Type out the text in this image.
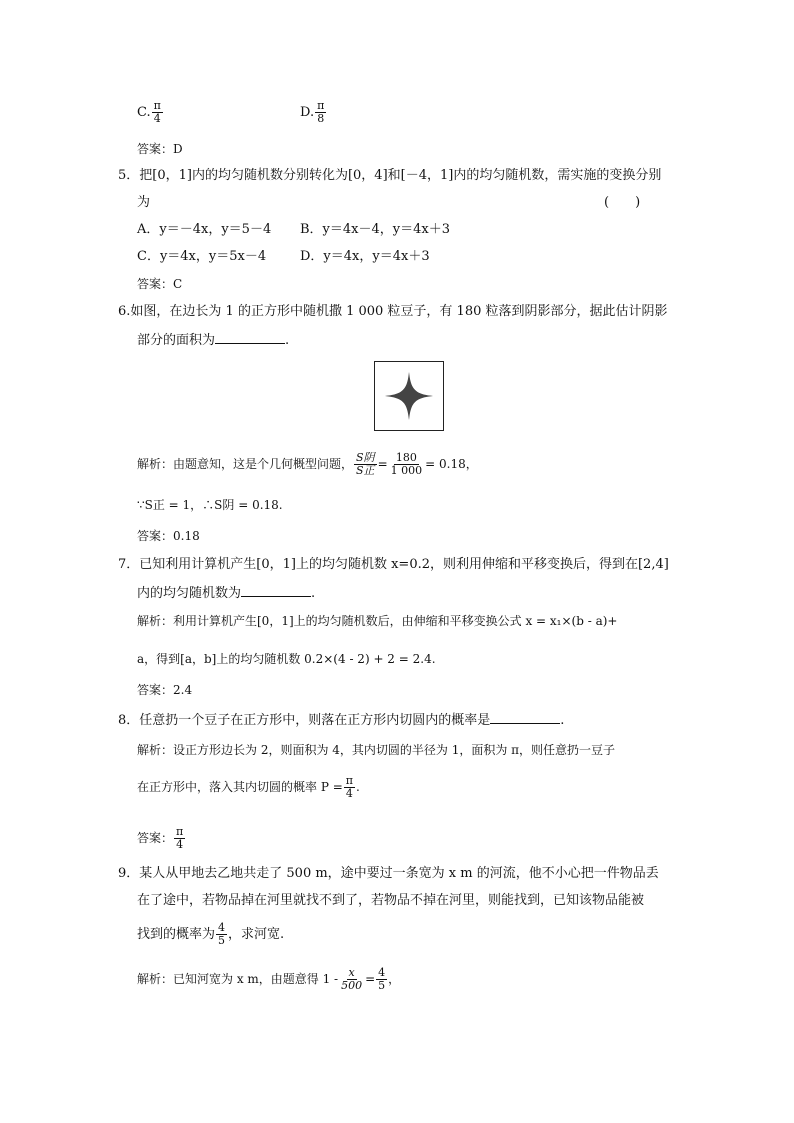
C. $\frac{\pi}{4}$	D. $\frac{\pi}{8}$
答案：D
5．把[0，1]内的均匀随机数分别转化为[0，4]和[－4，1]内的均匀随机数，需实施的变换分别
为	(　　)
A．y＝－4x，y＝5－4 B．y＝4x－4，y＝4x＋3
C．y＝4x，y＝5x－4	D．y＝4x，y＝4x＋3
答案：C
6.如图，在边长为 1 的正方形中随机撒 1 000 粒豆子，有 180 粒落到阴影部分，据此估计阴影
部分的面积为	.
解析：由题意知，这是个几何概型问题， $\frac{\text{S阴}}{\text{S正}} = \frac{180}{1 000} = 0.18$，
∵S正 = 1，∴S阴 = 0.18.
答案：0.18
7．已知利用计算机产生[0，1]上的均匀随机数 x=0.2，则利用伸缩和平移变换后，得到在[2,4]
内的均匀随机数为	.
解析：利用计算机产生[0，1]上的均匀随机数后，由伸缩和平移变换公式 x = x₁×(b - a)+
a，得到[a，b]上的均匀随机数 0.2×(4 - 2) + 2 = 2.4.
答案：2.4
8．任意扔一个豆子在正方形中，则落在正方形内切圆内的概率是	.
解析：设正方形边长为 2，则面积为 4，其内切圆的半径为 1，面积为 π，则任意扔一豆子
在正方形中，落入其内切圆的概率 $P = \frac{\pi}{4}$ .
答案： $\frac{\pi}{4}$
9．某人从甲地去乙地共走了 500 m，途中要过一条宽为 x m 的河流，他不小心把一件物品丢
在了途中，若物品掉在河里就找不到了，若物品不掉在河里，则能找到，已知该物品能被
找到的概率为 $\frac{4}{5}$ ，求河宽.
解析：已知河宽为 x m，由题意得 $1 - \frac{x}{500} = \frac{4}{5}$ ，
